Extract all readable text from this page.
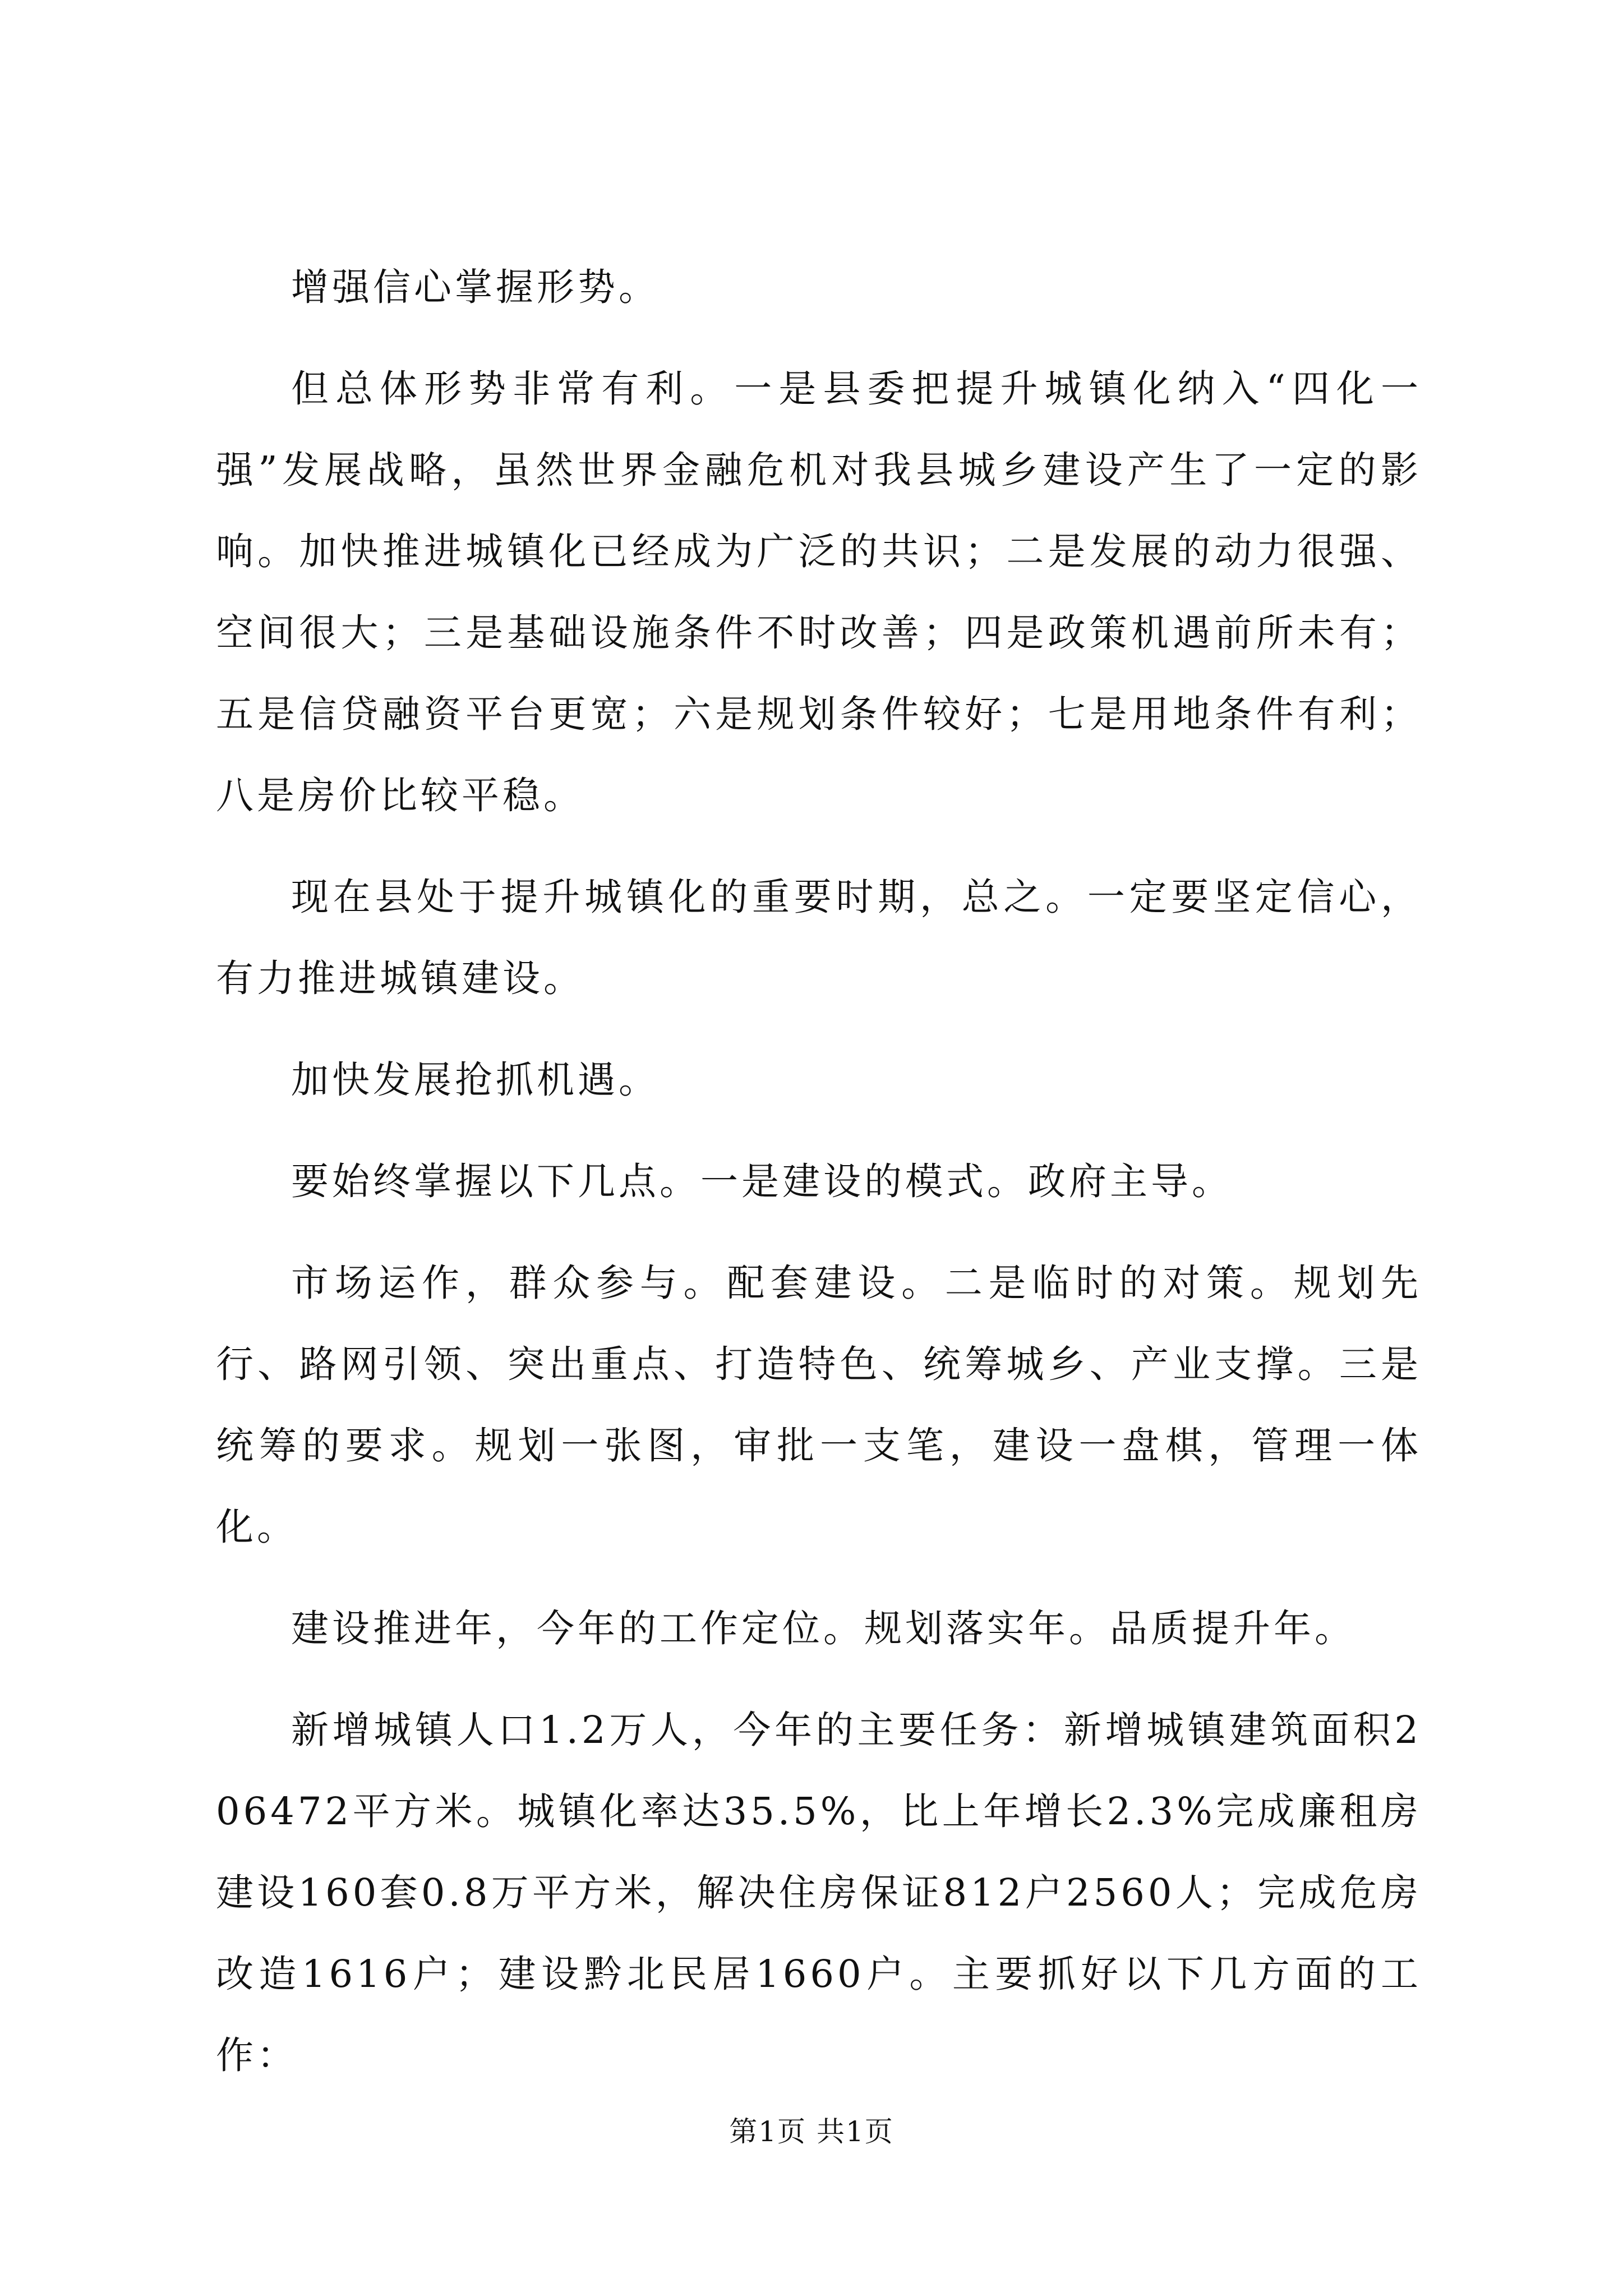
增强信心掌握形势。

但总体形势非常有利。一是县委把提升城镇化纳入“四化一强”发展战略，虽然世界金融危机对我县城乡建设产生了一定的影响。加快推进城镇化已经成为广泛的共识；二是发展的动力很强、空间很大；三是基础设施条件不时改善；四是政策机遇前所未有；五是信贷融资平台更宽；六是规划条件较好；七是用地条件有利；八是房价比较平稳。

现在县处于提升城镇化的重要时期，总之。一定要坚定信心，有力推进城镇建设。

加快发展抢抓机遇。

要始终掌握以下几点。一是建设的模式。政府主导。

市场运作，群众参与。配套建设。二是临时的对策。规划先行、路网引领、突出重点、打造特色、统筹城乡、产业支撑。三是统筹的要求。规划一张图，审批一支笔，建设一盘棋，管理一体化。

建设推进年，今年的工作定位。规划落实年。品质提升年。

新增城镇人口1.2万人，今年的主要任务：新增城镇建筑面积206472平方米。城镇化率达35.5%，比上年增长2.3%完成廉租房建设160套0.8万平方米，解决住房保证812户2560人；完成危房改造1616户；建设黔北民居1660户。主要抓好以下几方面的工作：

第1页 共1页
